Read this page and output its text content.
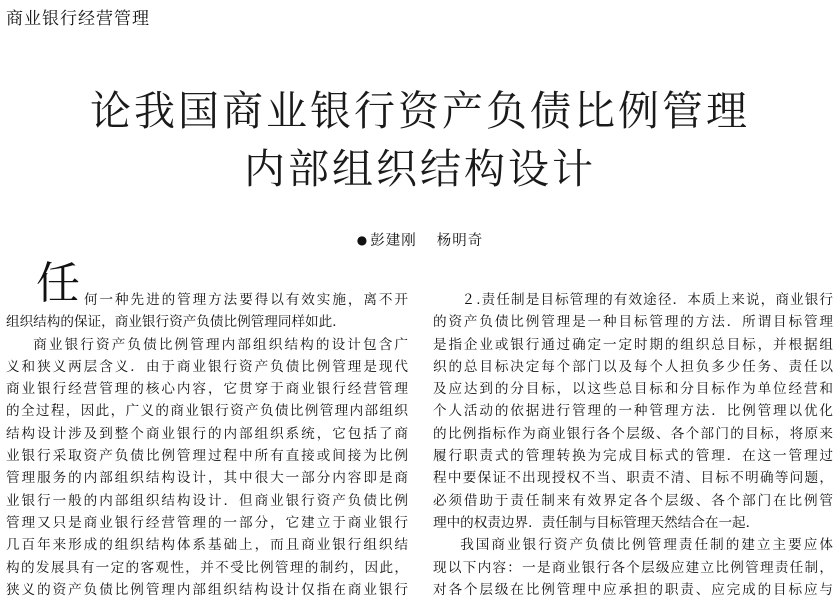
商业银行经营管理
论我国商业银行资产负债比例管理
内部组织结构设计
● 彭建刚 杨明奇
任 何一种先进的管理方法要得以有效实施，离不开

组织结构的保证，商业银行资产负债比例管理同样如此．

商业银行资产负债比例管理内部组织结构的设计包含广

义和狭义两层含义．由于商业银行资产负债比例管理是现代

商业银行经营管理的核心内容，它贯穿于商业银行经营管理

的全过程，因此，广义的商业银行资产负债比例管理内部组织

结构设计涉及到整个商业银行的内部组织系统，它包括了商

业银行采取资产负债比例管理过程中所有直接或间接为比例

管理服务的内部组织结构设计，其中很大一部分内容即是商

业银行一般的内部组织结构设计．但商业银行资产负债比例

管理又只是商业银行经营管理的一部分，它建立于商业银行

几百年来形成的组织结构体系基础上，而且商业银行组织结

构的发展具有一定的客观性，并不受比例管理的制约，因此，

狭义的资产负债比例管理内部组织结构设计仅指在商业银行

２.责任制是目标管理的有效途径．本质上来说，商业银行

的资产负债比例管理是一种目标管理的方法．所谓目标管理

是指企业或银行通过确定一定时期的组织总目标，并根据组

织的总目标决定每个部门以及每个人担负多少任务、责任以

及应达到的分目标，以这些总目标和分目标作为单位经营和

个人活动的依据进行管理的一种管理方法．比例管理以优化

的比例指标作为商业银行各个层级、各个部门的目标，将原来

履行职责式的管理转换为完成目标式的管理．在这一管理过

程中要保证不出现授权不当、职责不清、目标不明确等问题，

必须借助于责任制来有效界定各个层级、各个部门在比例管

理中的权责边界．责任制与目标管理天然结合在一起．

我国商业银行资产负债比例管理责任制的建立主要应体

现以下内容：一是商业银行各个层级应建立比例管理责任制，

对各个层级在比例管理中应承担的职责、应完成的目标应与
